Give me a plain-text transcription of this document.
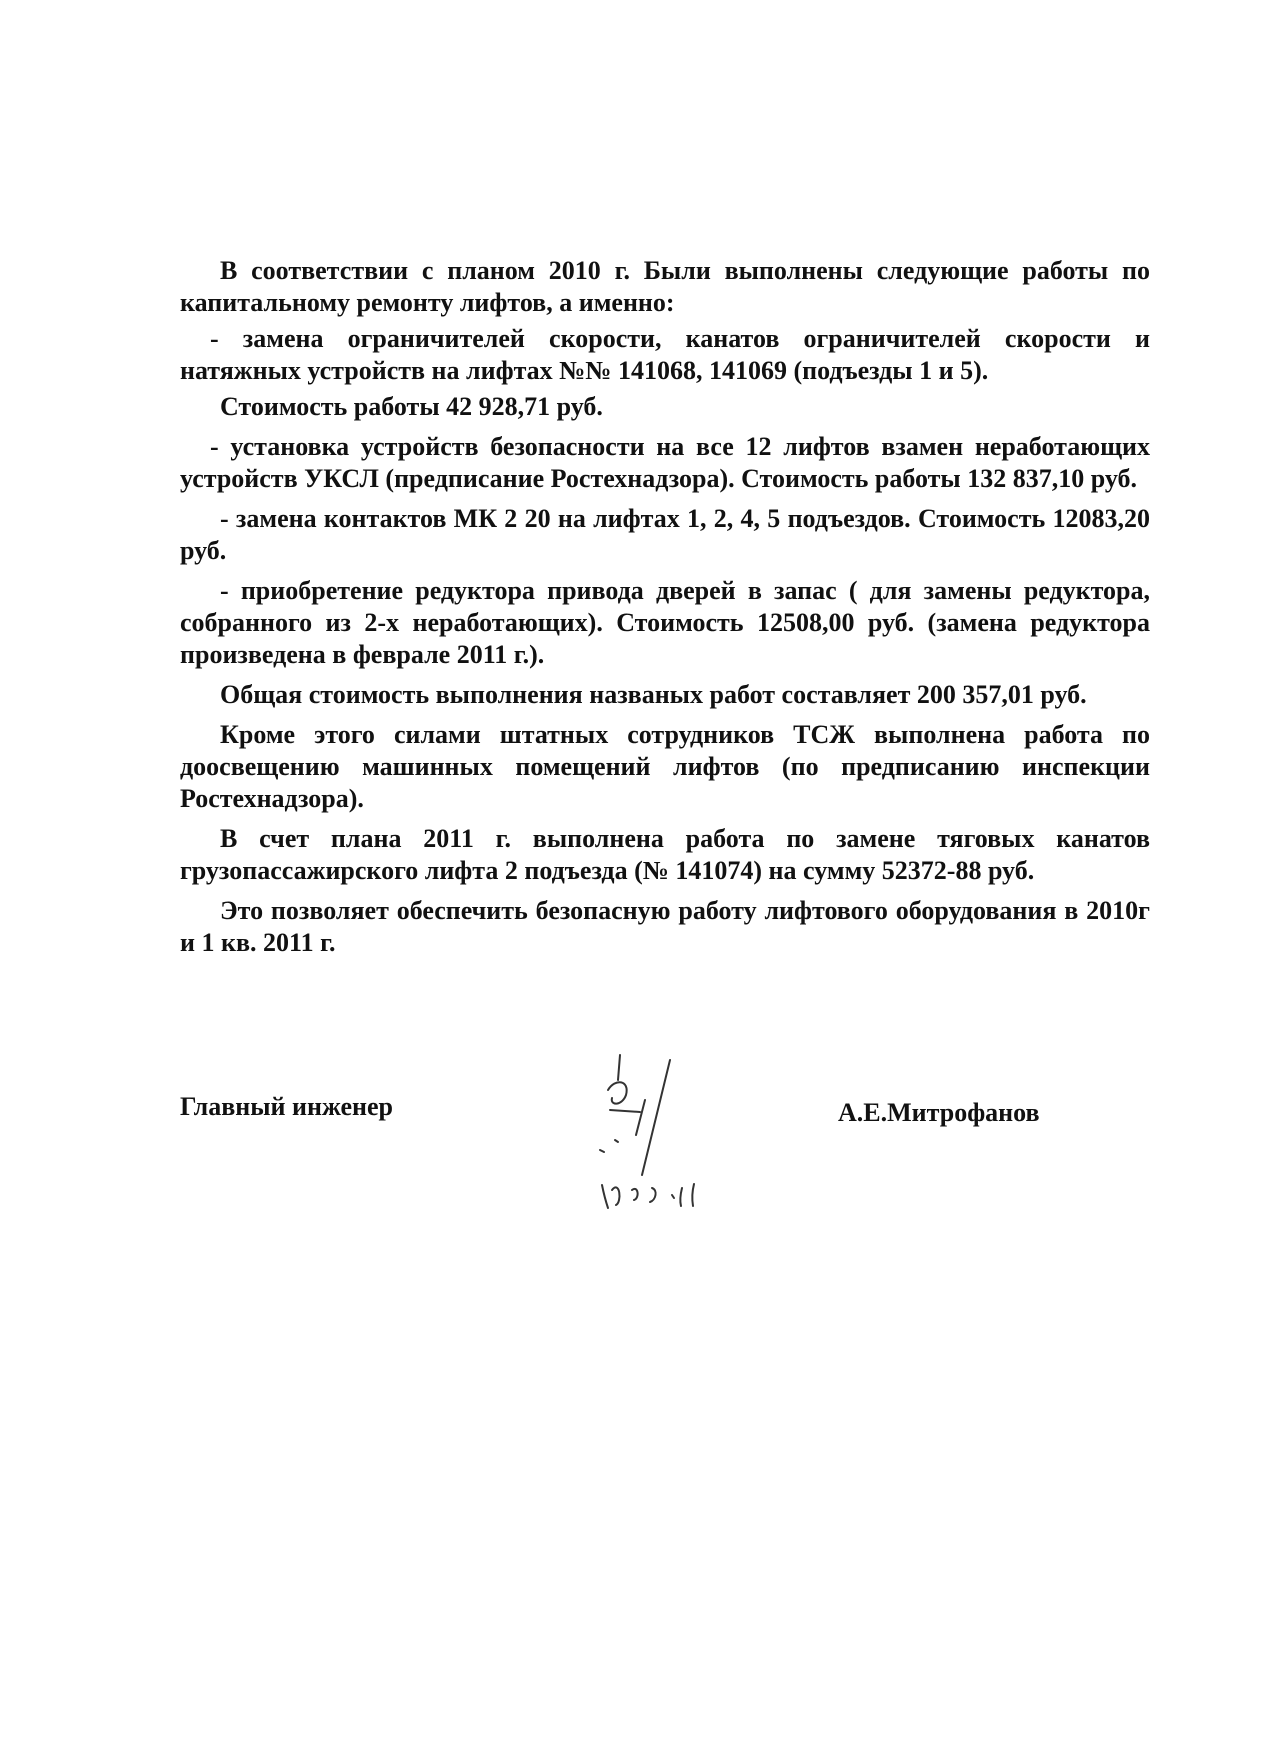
В соответствии с планом 2010 г. Были выполнены следующие работы по капитальному ремонту лифтов, а именно:

- замена ограничителей скорости, канатов ограничителей скорости и натяжных устройств на лифтах №№ 141068, 141069 (подъезды 1 и 5).

Стоимость работы 42 928,71 руб.

- установка устройств безопасности на все 12 лифтов взамен неработающих устройств УКСЛ (предписание Ростехнадзора). Стоимость работы 132 837,10 руб.

- замена контактов МК 2 20 на лифтах 1, 2, 4, 5 подъездов. Стоимость 12083,20 руб.

- приобретение редуктора привода дверей в запас ( для замены редуктора, собранного из 2-х неработающих). Стоимость 12508,00 руб. (замена редуктора произведена в феврале 2011 г.).

Общая стоимость выполнения названых работ составляет 200 357,01 руб.

Кроме этого силами штатных сотрудников ТСЖ выполнена работа по доосвещению машинных помещений лифтов (по предписанию инспекции Ростехнадзора).

В счет плана 2011 г. выполнена работа по замене тяговых канатов грузопассажирского лифта 2 подъезда (№ 141074) на сумму 52372-88 руб.

Это позволяет обеспечить безопасную работу лифтового оборудования в 2010г и 1 кв. 2011 г.

Главный инженер	А.Е.Митрофанов
